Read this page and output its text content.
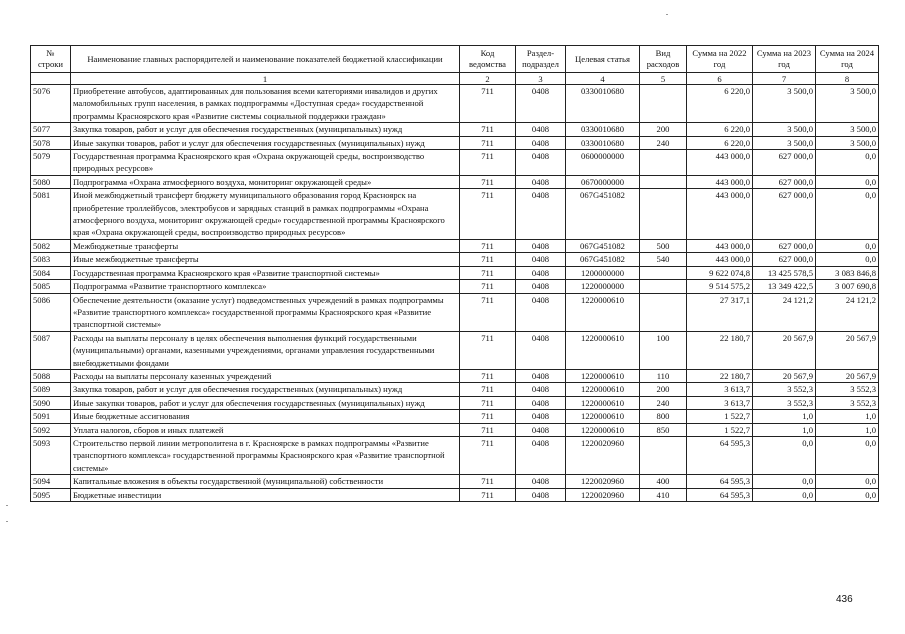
№ строки	Наименование главных распорядителей и наименование показателей бюджетной классификации	Код ведомства	Раздел-подраздел	Целевая статья	Вид расходов	Сумма на 2022 год	Сумма на 2023 год	Сумма на 2024 год
	1	2	3	4	5	6	7	8
5076	Приобретение автобусов, адаптированных для пользования всеми категориями инвалидов и других маломобильных групп населения, в рамках подпрограммы «Доступная среда» государственной программы Красноярского края «Развитие системы социальной поддержки граждан»	711	0408	0330010680		6 220,0	3 500,0	3 500,0
5077	Закупка товаров, работ и услуг для обеспечения государственных (муниципальных) нужд	711	0408	0330010680	200	6 220,0	3 500,0	3 500,0
5078	Иные закупки товаров, работ и услуг для обеспечения государственных (муниципальных) нужд	711	0408	0330010680	240	6 220,0	3 500,0	3 500,0
5079	Государственная программа Красноярского края «Охрана окружающей среды, воспроизводство природных ресурсов»	711	0408	0600000000		443 000,0	627 000,0	0,0
5080	Подпрограмма «Охрана атмосферного воздуха, мониторинг окружающей среды»	711	0408	0670000000		443 000,0	627 000,0	0,0
5081	Иной межбюджетный трансферт бюджету муниципального образования город Красноярск на приобретение троллейбусов, электробусов и зарядных станций в рамках подпрограммы «Охрана атмосферного воздуха, мониторинг окружающей среды» государственной программы Красноярского края «Охрана окружающей среды, воспроизводство природных ресурсов»	711	0408	067G451082		443 000,0	627 000,0	0,0
5082	Межбюджетные трансферты	711	0408	067G451082	500	443 000,0	627 000,0	0,0
5083	Иные межбюджетные трансферты	711	0408	067G451082	540	443 000,0	627 000,0	0,0
5084	Государственная программа Красноярского края «Развитие транспортной системы»	711	0408	1200000000		9 622 074,8	13 425 578,5	3 083 846,8
5085	Подпрограмма «Развитие транспортного комплекса»	711	0408	1220000000		9 514 575,2	13 349 422,5	3 007 690,8
5086	Обеспечение деятельности (оказание услуг) подведомственных учреждений в рамках подпрограммы «Развитие транспортного комплекса» государственной программы Красноярского края «Развитие транспортной системы»	711	0408	1220000610		27 317,1	24 121,2	24 121,2
5087	Расходы на выплаты персоналу в целях обеспечения выполнения функций государственными (муниципальными) органами, казенными учреждениями, органами управления государственными внебюджетными фондами	711	0408	1220000610	100	22 180,7	20 567,9	20 567,9
5088	Расходы на выплаты персоналу казенных учреждений	711	0408	1220000610	110	22 180,7	20 567,9	20 567,9
5089	Закупка товаров, работ и услуг для обеспечения государственных (муниципальных) нужд	711	0408	1220000610	200	3 613,7	3 552,3	3 552,3
5090	Иные закупки товаров, работ и услуг для обеспечения государственных (муниципальных) нужд	711	0408	1220000610	240	3 613,7	3 552,3	3 552,3
5091	Иные бюджетные ассигнования	711	0408	1220000610	800	1 522,7	1,0	1,0
5092	Уплата налогов, сборов и иных платежей	711	0408	1220000610	850	1 522,7	1,0	1,0
5093	Строительство первой линии метрополитена в г. Красноярске в рамках подпрограммы «Развитие транспортного комплекса» государственной программы Красноярского края «Развитие транспортной системы»	711	0408	1220020960		64 595,3	0,0	0,0
5094	Капитальные вложения в объекты государственной (муниципальной) собственности	711	0408	1220020960	400	64 595,3	0,0	0,0
5095	Бюджетные инвестиции	711	0408	1220020960	410	64 595,3	0,0	0,0
436
